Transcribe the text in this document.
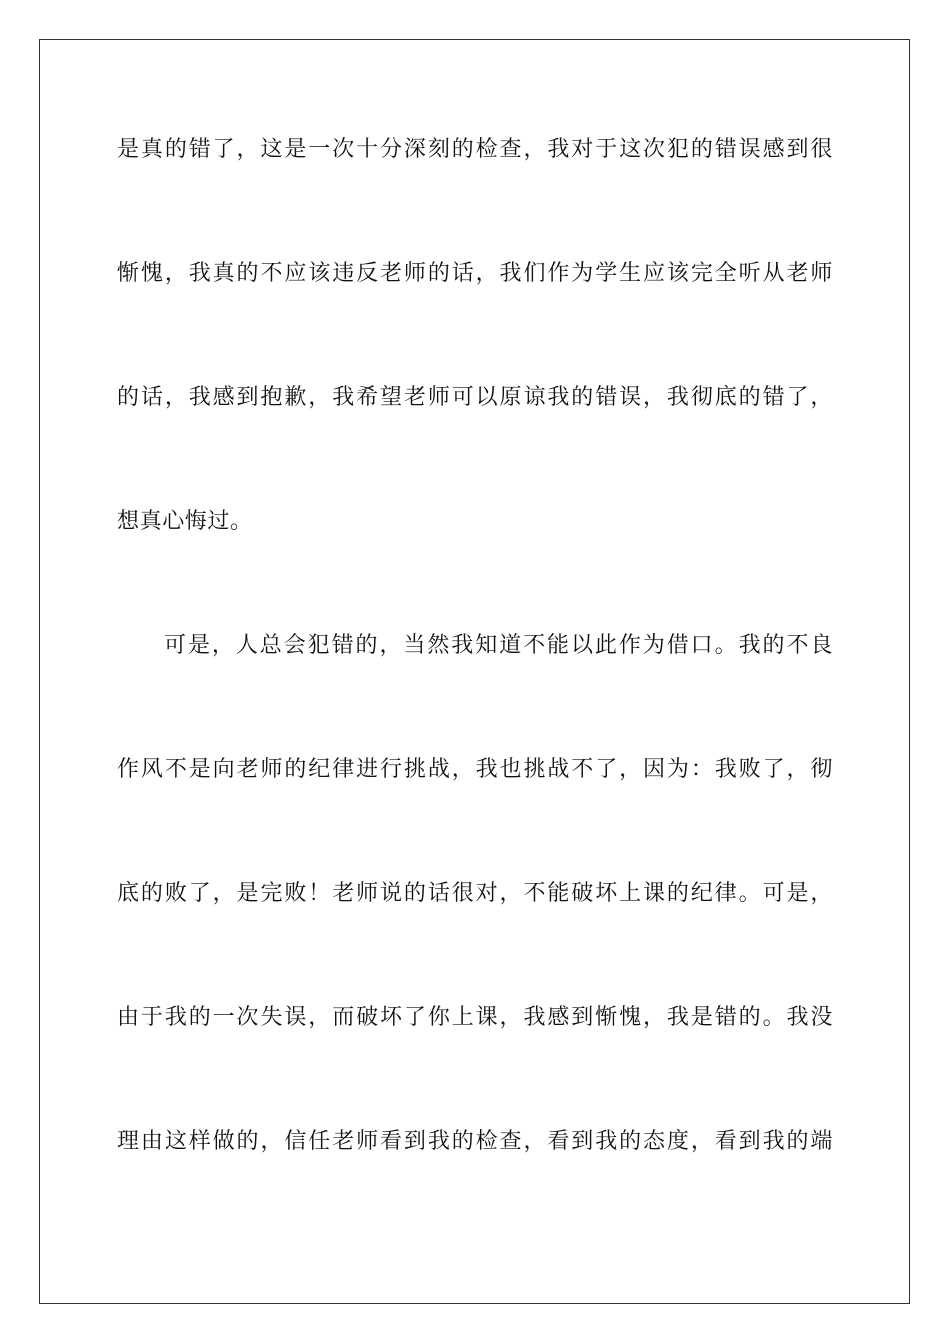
是真的错了，这是一次十分深刻的检查，我对于这次犯的错误感到很
惭愧，我真的不应该违反老师的话，我们作为学生应该完全听从老师
的话，我感到抱歉，我希望老师可以原谅我的错误，我彻底的错了，
想真心悔过。
可是，人总会犯错的，当然我知道不能以此作为借口。我的不良
作风不是向老师的纪律进行挑战，我也挑战不了，因为：我败了，彻
底的败了，是完败！老师说的话很对，不能破坏上课的纪律。可是，
由于我的一次失误，而破坏了你上课，我感到惭愧，我是错的。我没
理由这样做的，信任老师看到我的检查，看到我的态度，看到我的端
